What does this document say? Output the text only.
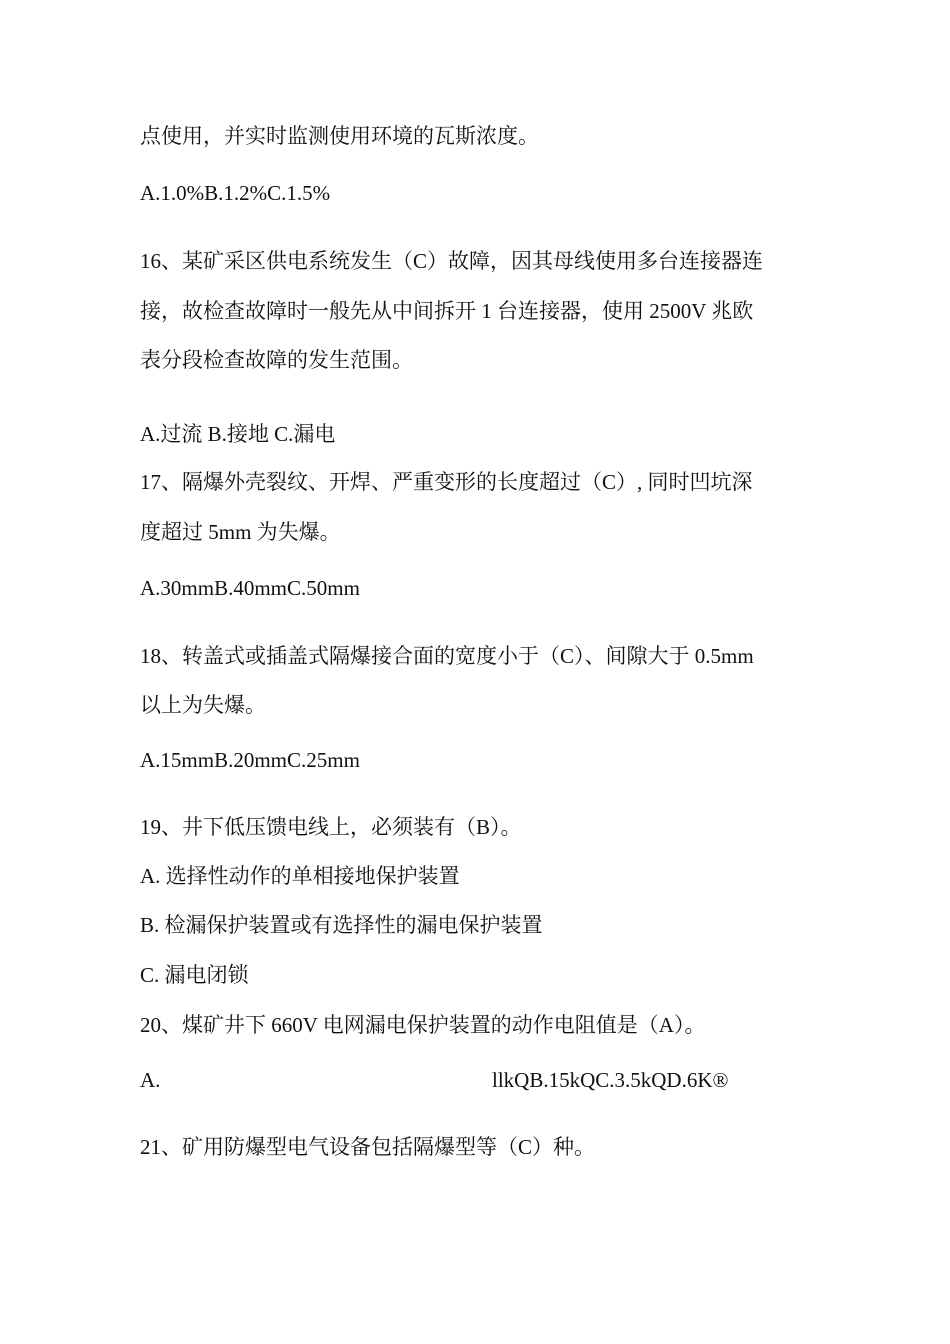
点使用，并实时监测使用环境的瓦斯浓度。
A.1.0%B.1.2%C.1.5%
16、某矿采区供电系统发生（C）故障，因其母线使用多台连接器连
接，故检查故障时一般先从中间拆开 1 台连接器，使用 2500V 兆欧
表分段检查故障的发生范围。
A.过流 B.接地 C.漏电
17、隔爆外壳裂纹、开焊、严重变形的长度超过（C）, 同时凹坑深
度超过 5mm 为失爆。
A.30mmB.40mmC.50mm
18、转盖式或插盖式隔爆接合面的宽度小于（C）、间隙大于 0.5mm
以上为失爆。
A.15mmB.20mmC.25mm
19、井下低压馈电线上，必须装有（B）。
A. 选择性动作的单相接地保护装置
B. 检漏保护装置或有选择性的漏电保护装置
C. 漏电闭锁
20、煤矿井下 660V 电网漏电保护装置的动作电阻值是（A）。
A.	llkQB.15kQC.3.5kQD.6K®
21、矿用防爆型电气设备包括隔爆型等（C）种。
